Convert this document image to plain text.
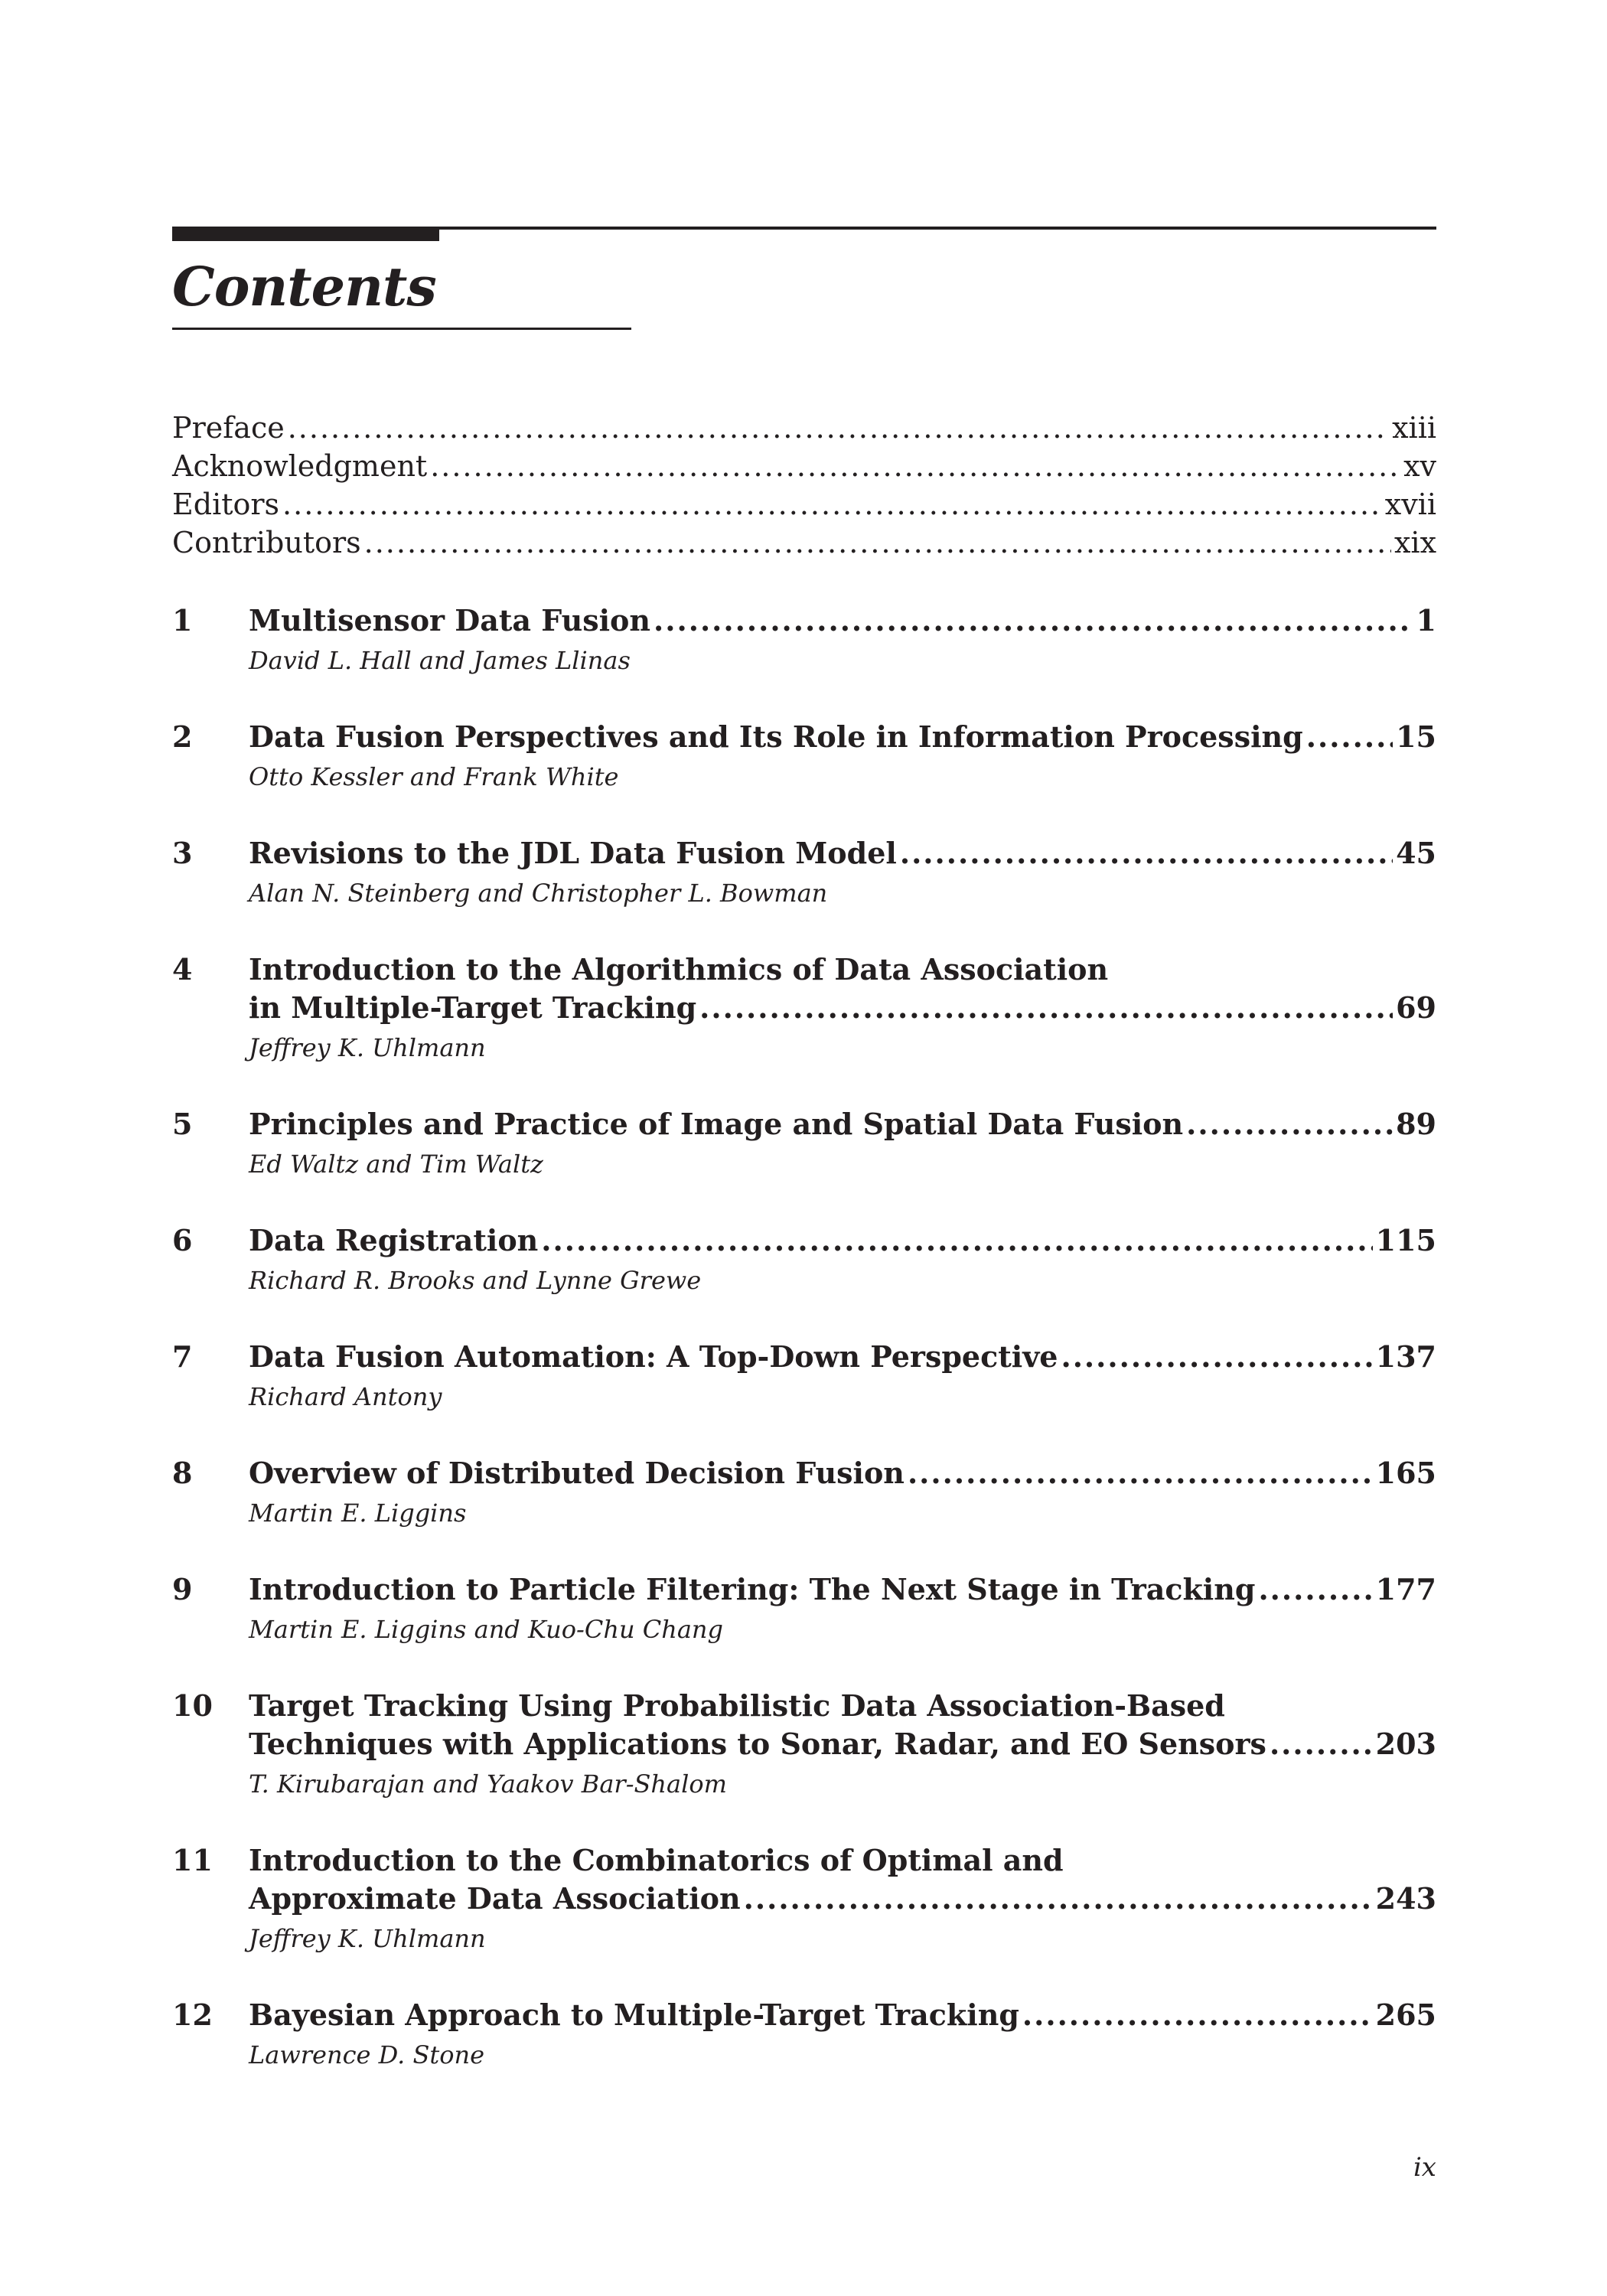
Contents
Preface .....	xiii
Acknowledgment .....	xv
Editors .....	xvii
Contributors .....	xix
1	Multisensor Data Fusion .....	1
David L. Hall and James Llinas
2	Data Fusion Perspectives and Its Role in Information Processing .....	15
Otto Kessler and Frank White
3	Revisions to the JDL Data Fusion Model .....	45
Alan N. Steinberg and Christopher L. Bowman
4	Introduction to the Algorithmics of Data Association
in Multiple-Target Tracking .....	69
Jeffrey K. Uhlmann
5	Principles and Practice of Image and Spatial Data Fusion .....	89
Ed Waltz and Tim Waltz
6	Data Registration .....	115
Richard R. Brooks and Lynne Grewe
7	Data Fusion Automation: A Top-Down Perspective .....	137
Richard Antony
8	Overview of Distributed Decision Fusion .....	165
Martin E. Liggins
9	Introduction to Particle Filtering: The Next Stage in Tracking .....	177
Martin E. Liggins and Kuo-Chu Chang
10	Target Tracking Using Probabilistic Data Association-Based
Techniques with Applications to Sonar, Radar, and EO Sensors .....	203
T. Kirubarajan and Yaakov Bar-Shalom
11	Introduction to the Combinatorics of Optimal and
Approximate Data Association .....	243
Jeffrey K. Uhlmann
12	Bayesian Approach to Multiple-Target Tracking .....	265
Lawrence D. Stone
ix
